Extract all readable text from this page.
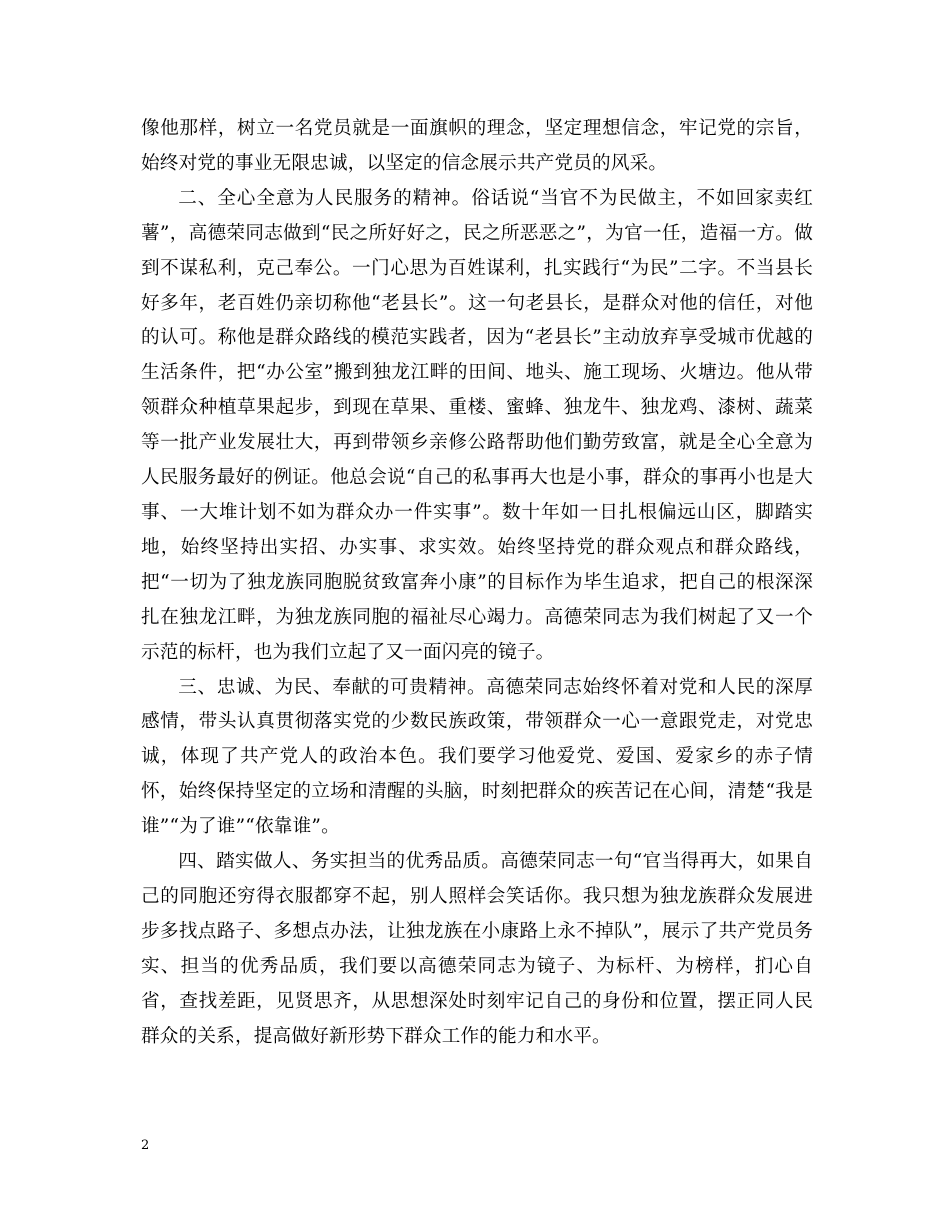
像他那样，树立一名党员就是一面旗帜的理念，坚定理想信念，牢记党的宗旨，始终对党的事业无限忠诚，以坚定的信念展示共产党员的风采。

二、全心全意为人民服务的精神。俗话说“当官不为民做主，不如回家卖红薯”，高德荣同志做到“民之所好好之，民之所恶恶之”，为官一任，造福一方。做到不谋私利，克己奉公。一门心思为百姓谋利，扎实践行“为民”二字。不当县长好多年，老百姓仍亲切称他“老县长”。这一句老县长，是群众对他的信任，对他的认可。称他是群众路线的模范实践者，因为“老县长”主动放弃享受城市优越的生活条件，把“办公室”搬到独龙江畔的田间、地头、施工现场、火塘边。他从带领群众种植草果起步，到现在草果、重楼、蜜蜂、独龙牛、独龙鸡、漆树、蔬菜等一批产业发展壮大，再到带领乡亲修公路帮助他们勤劳致富，就是全心全意为人民服务最好的例证。他总会说“自己的私事再大也是小事，群众的事再小也是大事、一大堆计划不如为群众办一件实事”。数十年如一日扎根偏远山区，脚踏实地，始终坚持出实招、办实事、求实效。始终坚持党的群众观点和群众路线，把“一切为了独龙族同胞脱贫致富奔小康”的目标作为毕生追求，把自己的根深深扎在独龙江畔，为独龙族同胞的福祉尽心竭力。高德荣同志为我们树起了又一个示范的标杆，也为我们立起了又一面闪亮的镜子。

三、忠诚、为民、奉献的可贵精神。高德荣同志始终怀着对党和人民的深厚感情，带头认真贯彻落实党的少数民族政策，带领群众一心一意跟党走，对党忠诚，体现了共产党人的政治本色。我们要学习他爱党、爱国、爱家乡的赤子情怀，始终保持坚定的立场和清醒的头脑，时刻把群众的疾苦记在心间，清楚“我是谁”“为了谁”“依靠谁”。

四、踏实做人、务实担当的优秀品质。高德荣同志一句“官当得再大，如果自己的同胞还穷得衣服都穿不起，别人照样会笑话你。我只想为独龙族群众发展进步多找点路子、多想点办法，让独龙族在小康路上永不掉队”，展示了共产党员务实、担当的优秀品质，我们要以高德荣同志为镜子、为标杆、为榜样，扪心自省，查找差距，见贤思齐，从思想深处时刻牢记自己的身份和位置，摆正同人民群众的关系，提高做好新形势下群众工作的能力和水平。

2
